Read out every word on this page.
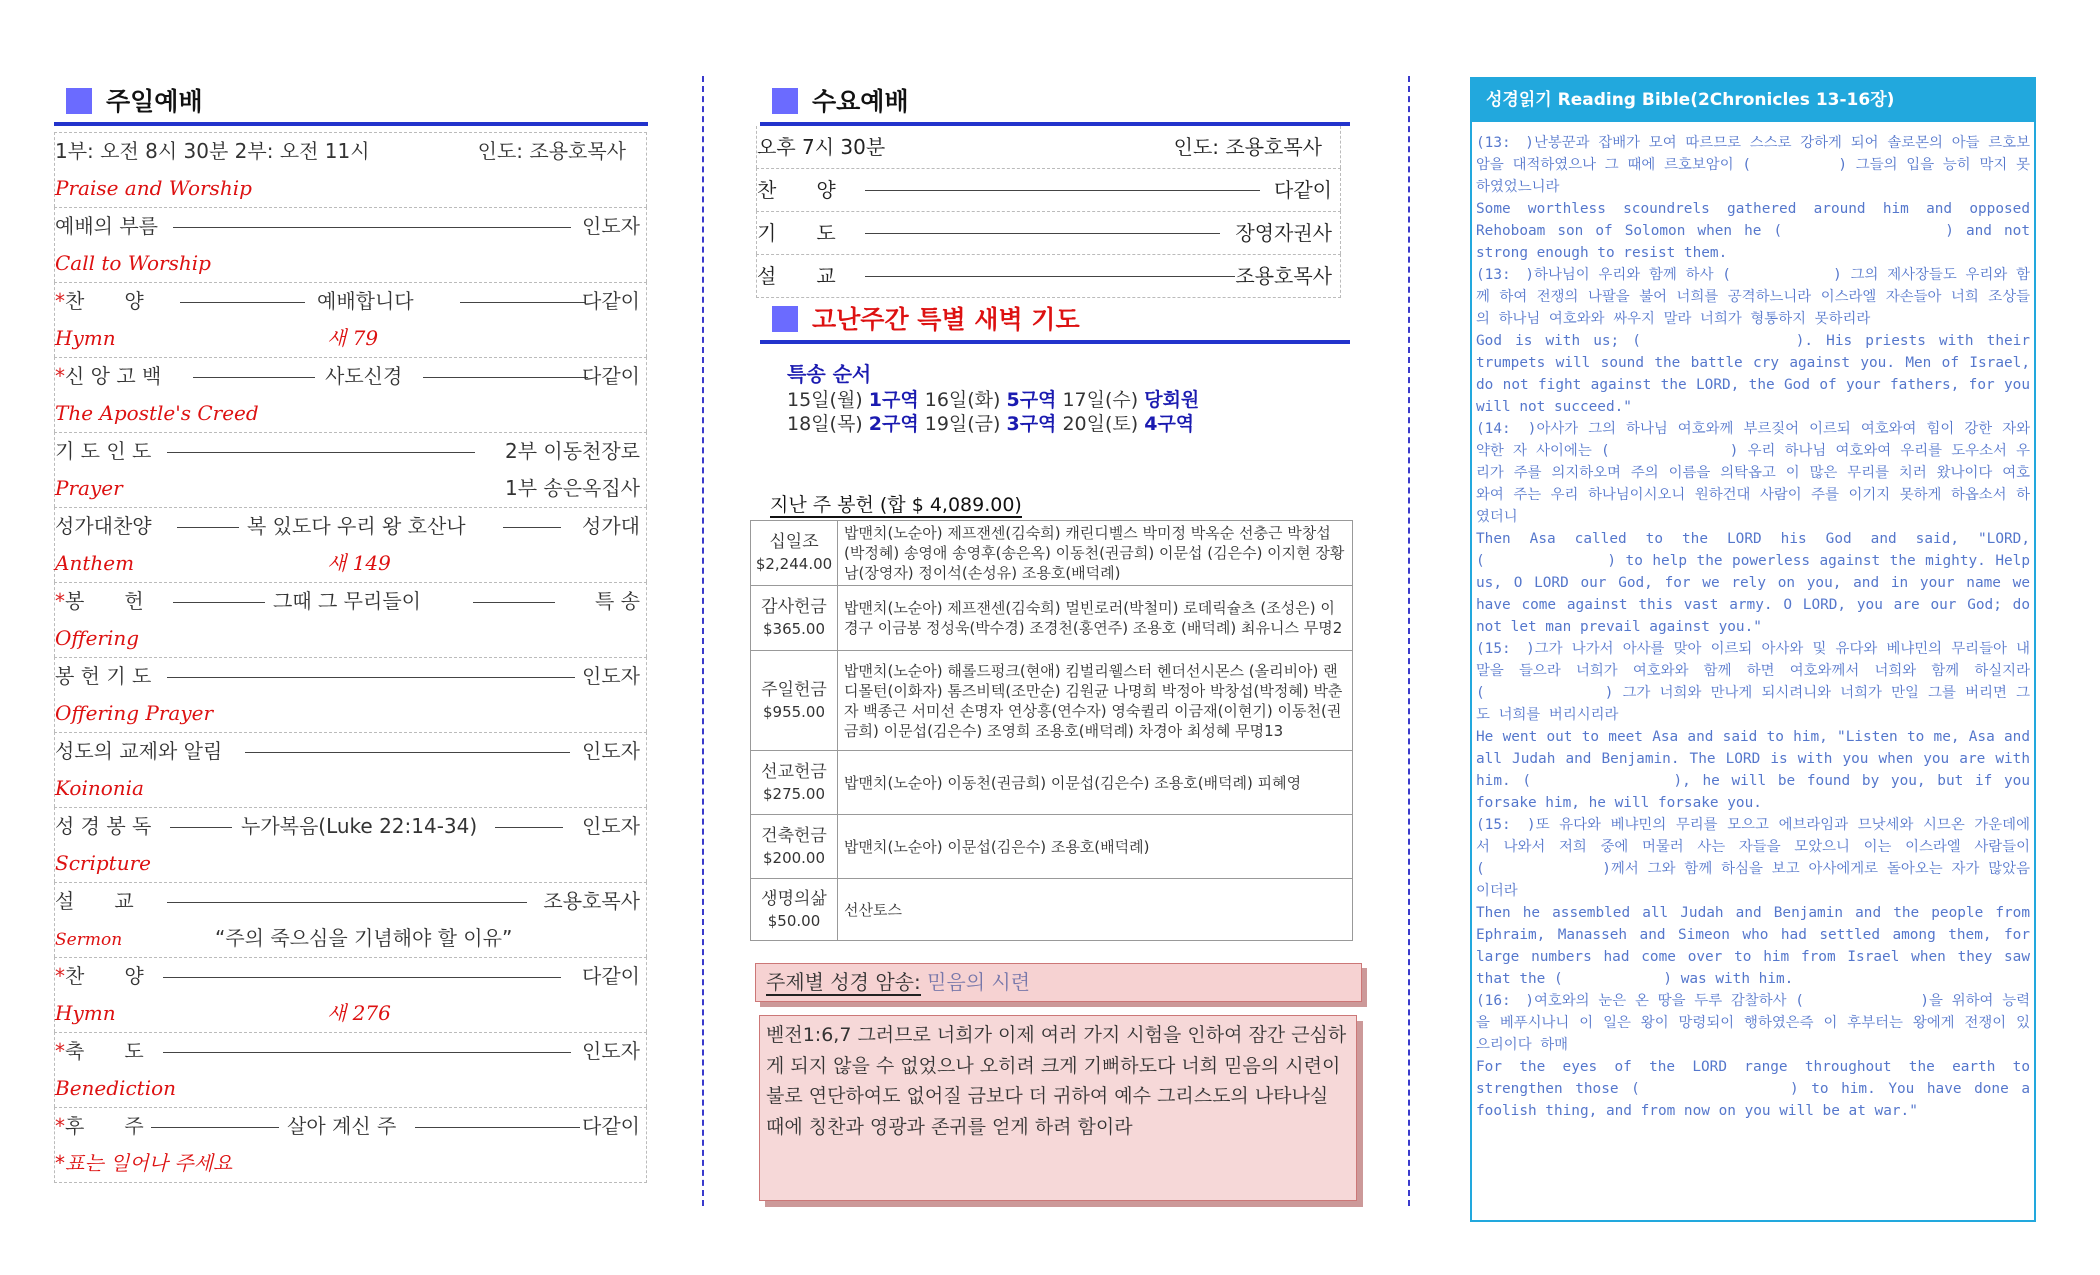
주일예배
1부: 오전 8시 30분 2부: 오전 11시	인도: 조용호목사
Praise and Worship
예배의 부름	인도자
Call to Worship
*찬　　양	예배합니다	다같이
Hymn	새 79
*신 앙 고 백	사도신경	다같이
The Apostle's Creed
기 도 인 도	2부 이동천장로
Prayer	1부 송은옥집사
성가대찬양	복 있도다 우리 왕 호산나	성가대
Anthem	새 149
*봉　　헌	그때 그 무리들이	특 송
Offering
봉 헌 기 도	인도자
Offering Prayer
성도의 교제와 알림	인도자
Koinonia
성 경 봉 독	누가복음(Luke 22:14-34)	인도자
Scripture
설　　교	조용호목사
Sermon	“주의 죽으심을 기념해야 할 이유”
*찬　　양	다같이
Hymn	새 276
*축　　도	인도자
Benediction
*후　　주	살아 계신 주	다같이
*표는 일어나 주세요
수요예배
오후 7시 30분	인도: 조용호목사
찬　　양	다같이
기　　도	장영자권사
설　　교	조용호목사
고난주간 특별 새벽 기도
특송 순서
15일(월) 1구역 16일(화) 5구역 17일(수) 당회원
18일(목) 2구역 19일(금) 3구역 20일(토) 4구역
지난 주 봉헌 (합 $ 4,089.00)
십일조
$2,244.00	밥맨치(노순아) 제프잰센(김숙희) 캐린디벨스 박미정 박옥순 선충근 박창섭(박정혜) 송영애 송영후(송은옥) 이동천(권금희) 이문섭 (김은수) 이지현 장황남(장영자) 정이석(손성유) 조용호(배덕례)

감사헌금
$365.00	밥맨치(노순아) 제프잰센(김숙희) 멀빈로러(박철미) 로데릭슐츠 (조성은) 이경구 이금봉 정성욱(박수경) 조경천(홍연주) 조용호 (배덕례) 최유니스 무명2

주일헌금
$955.00	밥맨치(노순아) 해롤드펑크(현애) 킴벌리웰스터 헨더선시몬스 (올리비아) 랜디몰턴(이화자) 톰즈비텍(조만순) 김원균 나명희 박정아 박창섭(박정혜) 박춘자 백종근 서미선 손명자 연상흥(연수자) 영숙퀼리 이금재(이현기) 이동천(권금희) 이문섭(김은수) 조영희 조용호(배덕례) 차경아 최성혜 무명13

선교헌금
$275.00	밥맨치(노순아) 이동천(권금희) 이문섭(김은수) 조용호(배덕례) 피혜영

건축헌금
$200.00	밥맨치(노순아) 이문섭(김은수) 조용호(배덕례)

생명의삶
$50.00	선산토스
주제별 성경 암송: 믿음의 시련
벧전1:6,7 그러므로 너희가 이제 여러 가지 시험을 인하여 잠간 근심하게 되지 않을 수 없었으나 오히려 크게 기뻐하도다 너희 믿음의 시련이 불로 연단하여도 없어질 금보다 더 귀하여 예수 그리스도의 나타나실 때에 칭찬과 영광과 존귀를 얻게 하려 함이라
성경읽기 Reading Bible(2Chronicles 13-16장)
(13:　)난봉꾼과 잡배가 모여 따르므로 스스로 강하게 되어 솔로몬의 아들 르호보암을 대적하였으나 그 때에 르호보암이 (　　　　　　) 그들의 입을 능히 막지 못하였었느니라
Some worthless scoundrels gathered around him and opposed Rehoboam son of Solomon when he (　　　　　　　　　) and not strong enough to resist them.
(13:　)하나님이 우리와 함께 하사 (　　　　　　　) 그의 제사장들도 우리와 함께 하여 전쟁의 나팔을 불어 너희를 공격하느니라 이스라엘 자손들아 너희 조상들의 하나님 여호와와 싸우지 말라 너희가 형통하지 못하리라
God is with us; (　　　　　　　　). His priests with their trumpets will sound the battle cry against you. Men of Israel, do not fight against the LORD, the God of your fathers, for you will not succeed."
(14:　)아사가 그의 하나님 여호와께 부르짖어 이르되 여호와여 힘이 강한 자와 약한 자 사이에는 (　　　　　　　　) 우리 하나님 여호와여 우리를 도우소서 우리가 주를 의지하오며 주의 이름을 의탁옵고 이 많은 무리를 치러 왔나이다 여호와여 주는 우리 하나님이시오니 원하건대 사람이 주를 이기지 못하게 하옵소서 하였더니
Then Asa called to the LORD his God and said, "LORD, (　　　　　　　　) to help the powerless against the mighty. Help us, O LORD our God, for we rely on you, and in your name we have come against this vast army. O LORD, you are our God; do not let man prevail against you."
(15:　)그가 나가서 아사를 맞아 이르되 아사와 및 유다와 베냐민의 무리들아 내 말을 들으라 너희가 여호와와 함께 하면 여호와께서 너희와 함께 하실지라 (　　　　　　　　) 그가 너희와 만나게 되시려니와 너희가 만일 그를 버리면 그도 너희를 버리시리라
He went out to meet Asa and said to him, "Listen to me, Asa and all Judah and Benjamin. The LORD is with you when you are with him. (　　　　　　　　), he will be found by you, but if you forsake him, he will forsake you.
(15:　)또 유다와 베냐민의 무리를 모으고 에브라임과 므낫세와 시므온 가운데에서 나와서 저희 중에 머물러 사는 자들을 모았으니 이는 이스라엘 사람들이 (　　　　　　　　)께서 그와 함께 하심을 보고 아사에게로 돌아오는 자가 많았음이더라
Then he assembled all Judah and Benjamin and the people from Ephraim, Manasseh and Simeon who had settled among them, for large numbers had come over to him from Israel when they saw that the (　　　　　　　) was with him.
(16:　)여호와의 눈은 온 땅을 두루 감찰하사 (　　　　　　　　)을 위하여 능력을 베푸시나니 이 일은 왕이 망령되이 행하였은즉 이 후부터는 왕에게 전쟁이 있으리이다 하매
For the eyes of the LORD range throughout the earth to strengthen those (　　　　　　　　) to him. You have done a foolish thing, and from now on you will be at war."
